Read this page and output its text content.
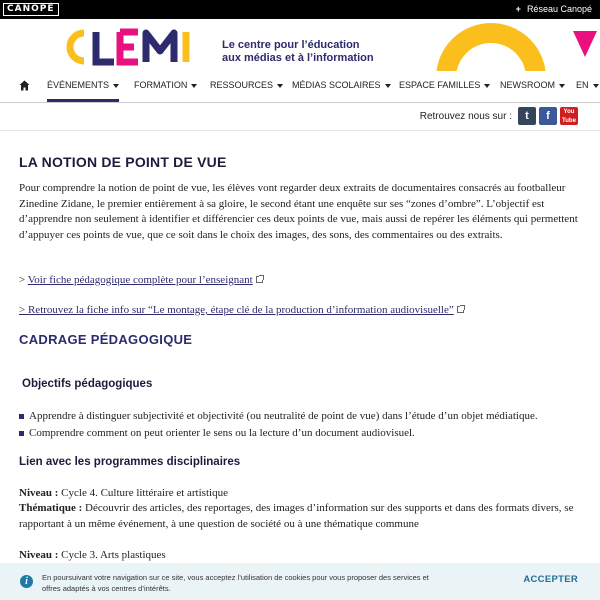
CANOPÉ	+ Réseau Canopé
CLEMI
Le centre pour l’éducation
aux médias et à l’information
ÉVÉNEMENTS	FORMATION	RESSOURCES	MÉDIAS SCOLAIRES	ESPACE FAMILLES	NEWSROOM	EN
Retrouvez nous sur :	t	f	You Tube
LA NOTION DE POINT DE VUE
Pour comprendre la notion de point de vue, les élèves vont regarder deux extraits de documentaires consacrés au footballeur Zinedine Zidane, le premier entièrement à sa gloire, le second étant une enquête sur ses “zones d’ombre”. L’objectif est d’apprendre non seulement à identifier et différencier ces deux points de vue, mais aussi de repérer les éléments qui permettent d’appuyer ces points de vue, que ce soit dans le choix des images, des sons, des commentaires ou des extraits.
> Voir fiche pédagogique complète pour l’enseignant
> Retrouvez la fiche info sur “Le montage, étape clé de la production d’information audiovisuelle”
CADRAGE PÉDAGOGIQUE
Objectifs pédagogiques
Apprendre à distinguer subjectivité et objectivité (ou neutralité de point de vue) dans l’étude d’un objet médiatique.
Comprendre comment on peut orienter le sens ou la lecture d’un document audiovisuel.
Lien avec les programmes disciplinaires
Niveau : Cycle 4. Culture littéraire et artistique
Thématique : Découvrir des articles, des reportages, des images d’information sur des supports et dans des formats divers, se rapportant à un même événement, à une question de société ou à une thématique commune
Niveau : Cycle 3. Arts plastiques
i	En poursuivant votre navigation sur ce site, vous acceptez l’utilisation de cookies pour vous proposer des services et
offres adaptés à vos centres d’intérêts.
ACCEPTER
